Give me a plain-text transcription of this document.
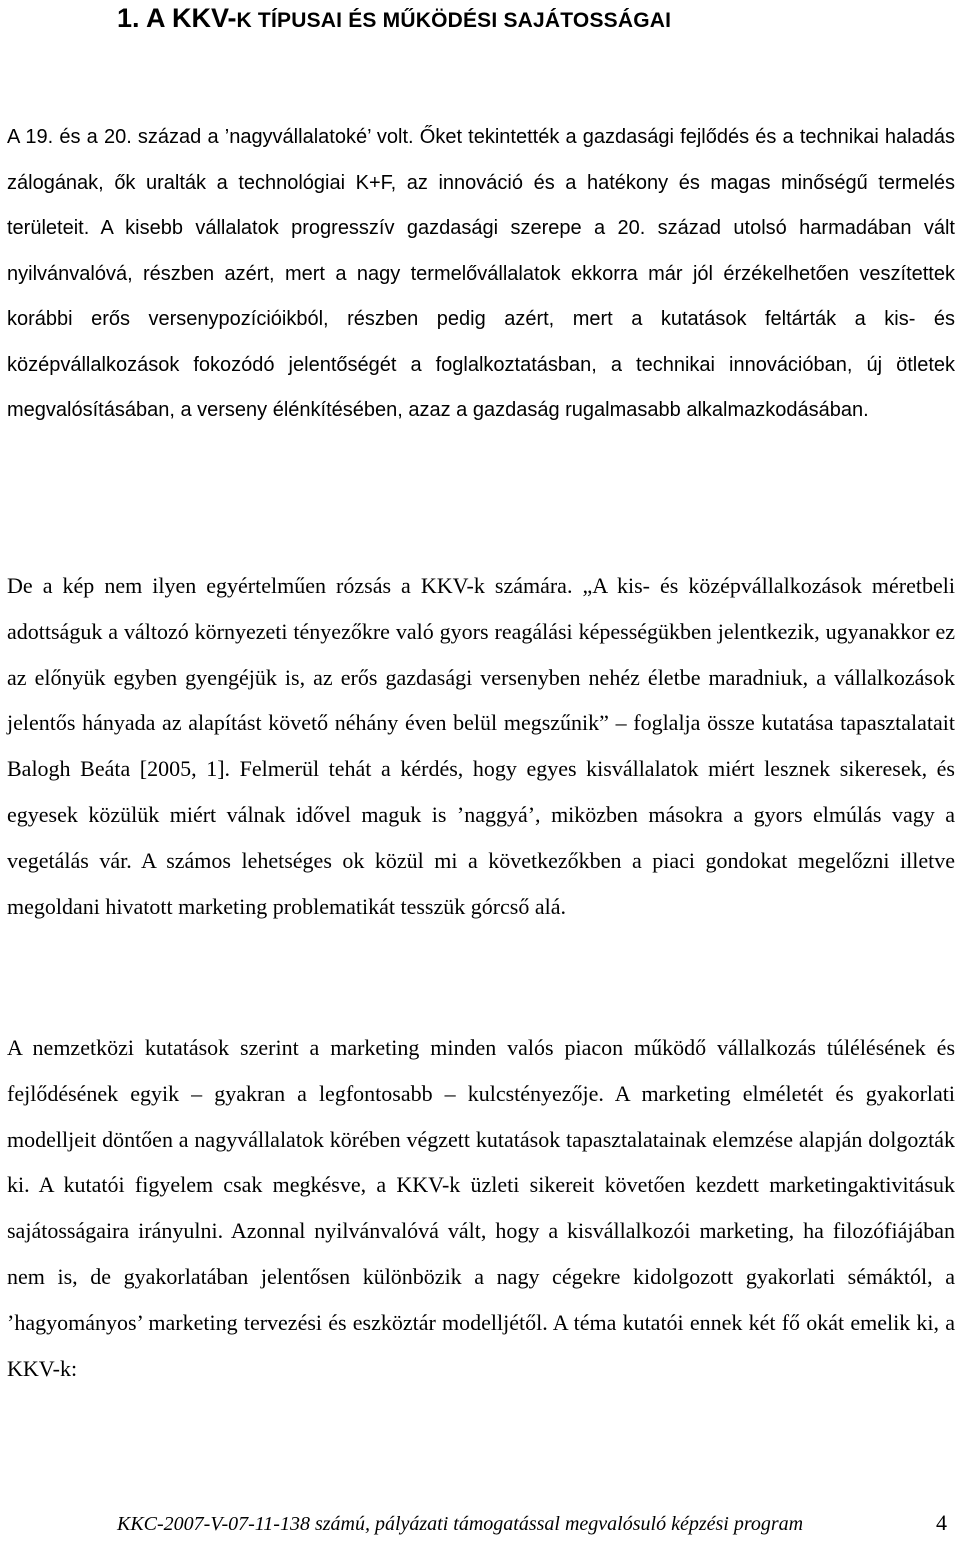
1. A KKV-K TÍPUSAI ÉS MŰKÖDÉSI SAJÁTOSSÁGAI

A 19. és a 20. század a ’nagyvállalatoké’ volt. Őket tekintették a gazdasági fejlődés és a technikai haladás zálogának, ők uralták a technológiai K+F, az innováció és a hatékony és magas minőségű termelés területeit. A kisebb vállalatok progresszív gazdasági szerepe a 20. század utolsó harmadában vált nyilvánvalóvá, részben azért, mert a nagy termelővállalatok ekkorra már jól érzékelhetően veszítettek korábbi erős versenypozícióikból, részben pedig azért, mert a kutatások feltárták a kis- és középvállalkozások fokozódó jelentőségét a foglalkoztatásban, a technikai innovációban, új ötletek megvalósításában, a verseny élénkítésében, azaz a gazdaság rugalmasabb alkalmazkodásában.

De a kép nem ilyen egyértelműen rózsás a KKV-k számára. „A kis- és középvállalkozások méretbeli adottságuk a változó környezeti tényezőkre való gyors reagálási képességükben jelentkezik, ugyanakkor ez az előnyük egyben gyengéjük is, az erős gazdasági versenyben nehéz életbe maradniuk, a vállalkozások jelentős hányada az alapítást követő néhány éven belül megszűnik” – foglalja össze kutatása tapasztalatait Balogh Beáta [2005, 1]. Felmerül tehát a kérdés, hogy egyes kisvállalatok miért lesznek sikeresek, és egyesek közülük miért válnak idővel maguk is ’naggyá’, miközben másokra a gyors elmúlás vagy a vegetálás vár. A számos lehetséges ok közül mi a következőkben a piaci gondokat megelőzni illetve megoldani hivatott marketing problematikát tesszük górcső alá.

A nemzetközi kutatások szerint a marketing minden valós piacon működő vállalkozás túlélésének és fejlődésének egyik – gyakran a legfontosabb – kulcstényezője. A marketing elméletét és gyakorlati modelljeit döntően a nagyvállalatok körében végzett kutatások tapasztalatainak elemzése alapján dolgozták ki. A kutatói figyelem csak megkésve, a KKV-k üzleti sikereit követően kezdett marketingaktivitásuk sajátosságaira irányulni. Azonnal nyilvánvalóvá vált, hogy a kisvállalkozói marketing, ha filozófiájában nem is, de gyakorlatában jelentősen különbözik a nagy cégekre kidolgozott gyakorlati sémáktól, a ’hagyományos’ marketing tervezési és eszköztár modelljétől. A téma kutatói ennek két fő okát emelik ki, a KKV-k:

KKC-2007-V-07-11-138 számú, pályázati támogatással megvalósuló képzési program	4
